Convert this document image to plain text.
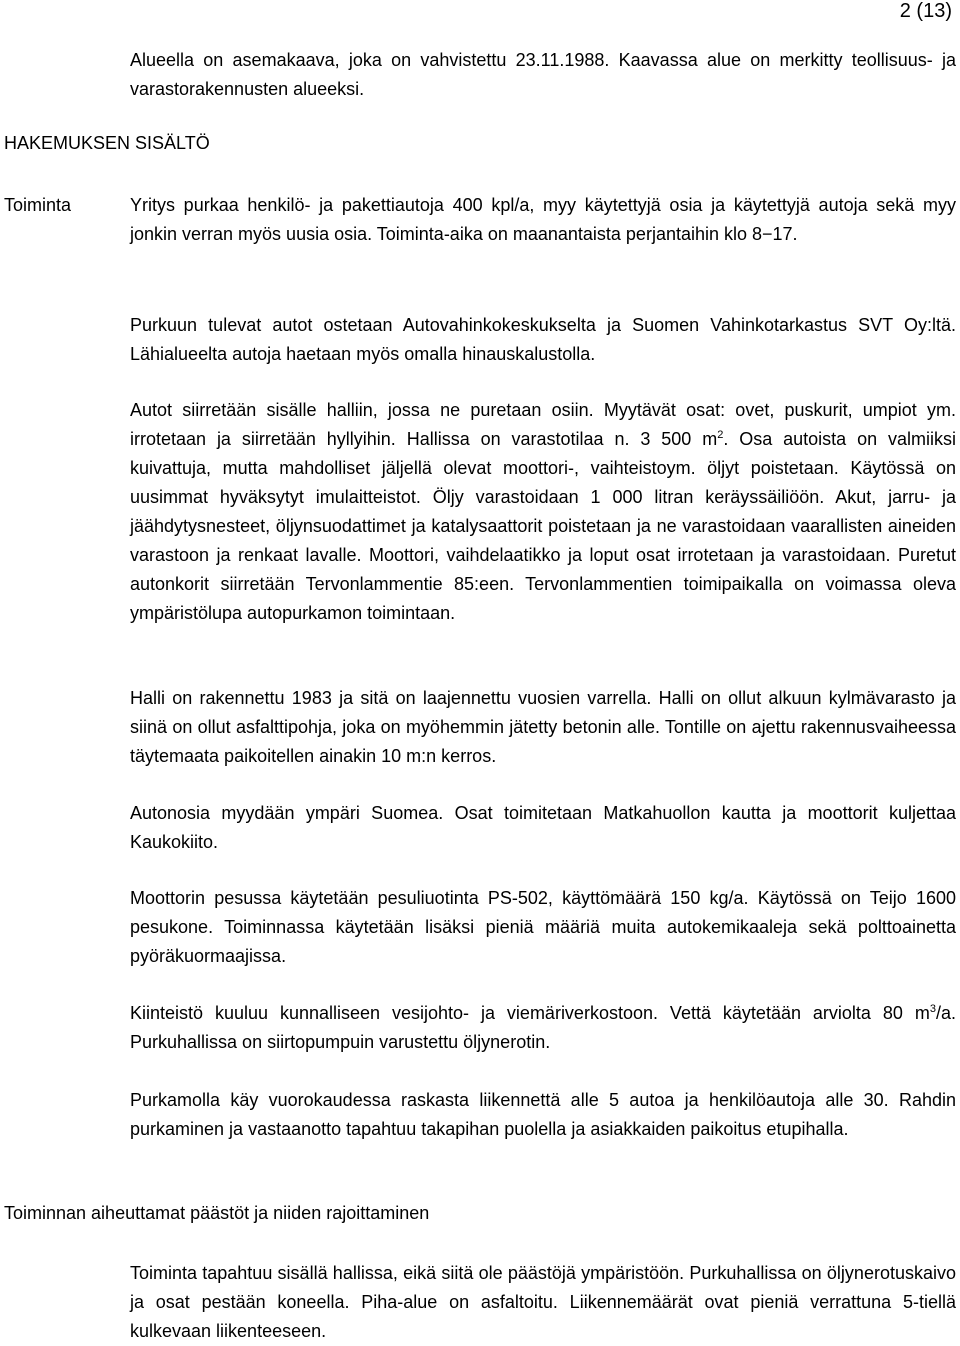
2 (13)

Alueella on asemakaava, joka on vahvistettu 23.11.1988. Kaavassa alue on merkitty teollisuus- ja varastorakennusten alueeksi.

HAKEMUKSEN SISÄLTÖ
Toiminta	Yritys purkaa henkilö- ja pakettiautoja 400 kpl/a, myy käytettyjä osia ja käytettyjä autoja sekä myy jonkin verran myös uusia osia. Toiminta-aika on maanantaista perjantaihin klo 8−17.

Purkuun tulevat autot ostetaan Autovahinkokeskukselta ja Suomen Vahinkotarkastus SVT Oy:ltä. Lähialueelta autoja haetaan myös omalla hinauskalustolla.

Autot siirretään sisälle halliin, jossa ne puretaan osiin. Myytävät osat: ovet, puskurit, umpiot ym. irrotetaan ja siirretään hyllyihin. Hallissa on varastotilaa n. 3 500 $m^2$. Osa autoista on valmiiksi kuivattuja, mutta mahdolliset jäljellä olevat moottori-, vaihteistoym. öljyt poistetaan. Käytössä on uusimmat hyväksytyt imulaitteistot. Öljy varastoidaan 1 000 litran keräyssäiliöön. Akut, jarru- ja jäähdytysnesteet, öljynsuodattimet ja katalysaattorit poistetaan ja ne varastoidaan vaarallisten aineiden varastoon ja renkaat lavalle. Moottori, vaihdelaatikko ja loput osat irrotetaan ja varastoidaan. Puretut autonkorit siirretään Tervonlammentie 85:een. Tervonlammentien toimipaikalla on voimassa oleva ympäristölupa autopurkamon toimintaan.

Halli on rakennettu 1983 ja sitä on laajennettu vuosien varrella. Halli on ollut alkuun kylmävarasto ja siinä on ollut asfalttipohja, joka on myöhemmin jätetty betonin alle. Tontille on ajettu rakennusvaiheessa täytemaata paikoitellen ainakin 10 m:n kerros.

Autonosia myydään ympäri Suomea. Osat toimitetaan Matkahuollon kautta ja moottorit kuljettaa Kaukokiito.

Moottorin pesussa käytetään pesuliuotinta PS-502, käyttömäärä 150 kg/a. Käytössä on Teijo 1600 pesukone. Toiminnassa käytetään lisäksi pieniä määriä muita autokemikaaleja sekä polttoainetta pyöräkuormaajissa.

Kiinteistö kuuluu kunnalliseen vesijohto- ja viemäriverkostoon. Vettä käytetään arviolta 80 $m^3/a$. Purkuhallissa on siirtopumpuin varustettu öljynerotin.

Purkamolla käy vuorokaudessa raskasta liikennettä alle 5 autoa ja henkilöautoja alle 30. Rahdin purkaminen ja vastaanotto tapahtuu takapihan puolella ja asiakkaiden paikoitus etupihalla.

Toiminnan aiheuttamat päästöt ja niiden rajoittaminen

Toiminta tapahtuu sisällä hallissa, eikä siitä ole päästöjä ympäristöön. Purkuhallissa on öljynerotuskaivo ja osat pestään koneella. Piha-alue on asfaltoitu. Liikennemäärät ovat pieniä verrattuna 5-tiellä kulkevaan liikenteeseen.
